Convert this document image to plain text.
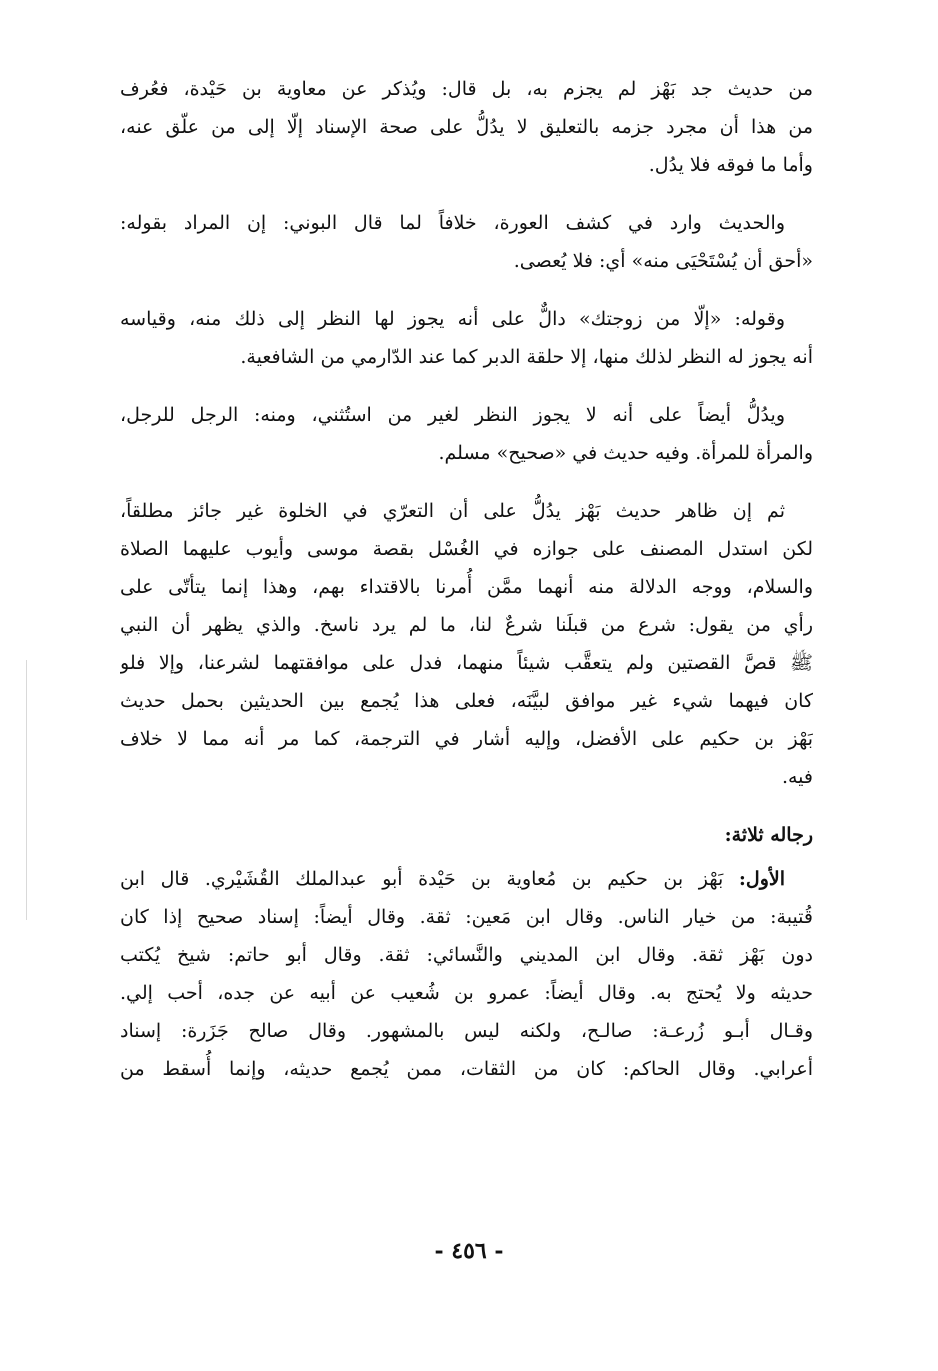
من حديث جد بَهْز لم يجزم به، بل قال: ويُذكر عن معاوية بن حَيْدة، فعُرف
من هذا أن مجرد جزمه بالتعليق لا يدُلُّ على صحة الإسناد إلّا إلى من علّق عنه،
وأما ما فوقه فلا يدُل.
والحديث وارد في كشف العورة، خلافاً لما قال البوني: إن المراد بقوله:
«أحق أن يُسْتَحْيَى منه» أي: فلا يُعصى.
وقوله: «إلّا من زوجتك» دالٌّ على أنه يجوز لها النظر إلى ذلك منه، وقياسه
أنه يجوز له النظر لذلك منها، إلا حلقة الدبر كما عند الدّارمي من الشافعية.
ويدُلُّ أيضاً على أنه لا يجوز النظر لغير من استُثني، ومنه: الرجل للرجل،
والمرأة للمرأة. وفيه حديث في «صحيح» مسلم.
ثم إن ظاهر حديث بَهْز يدُلُّ على أن التعرّي في الخلوة غير جائز مطلقاً،
لكن استدل المصنف على جوازه في الغُسْل بقصة موسى وأيوب عليهما الصلاة
والسلام، ووجه الدلالة منه أنهما ممَّن أُمرنا بالاقتداء بهم، وهذا إنما يتأتّى على
رأي من يقول: شرع من قبلَنا شرعٌ لنا، ما لم يرد ناسخ. والذي يظهر أن النبي
ﷺ قصَّ القصتين ولم يتعقَّب شيئاً منهما، فدل على موافقتهما لشرعنا، وإلا فلو
كان فيهما شيء غير موافق لبيَّنَه، فعلى هذا يُجمع بين الحديثين بحمل حديث
بَهْز بن حكيم على الأفضل، وإليه أشار في الترجمة، كما مر أنه مما لا خلاف
فيه.
رجاله ثلاثة:
الأول: بَهْز بن حكيم بن مُعاوية بن حَيْدة أبو عبدالملك القُشَيْري. قال ابن
قُتيبة: من خيار الناس. وقال ابن مَعين: ثقة. وقال أيضاً: إسناد صحيح إذا كان
دون بَهْز ثقة. وقال ابن المديني والنَّسائي: ثقة. وقال أبو حاتم: شيخ يُكتب
حديثه ولا يُحتج به. وقال أيضاً: عمرو بن شُعيب عن أبيه عن جده، أحب إلي.
وقـال أبـو زُرعـة: صالـح، ولكنه ليس بالمشهور. وقال صالح جَزَرة: إسناد
أعرابي. وقال الحاكم: كان من الثقات، ممن يُجمع حديثه، وإنما أُسقط من
- ٤٥٦ -
